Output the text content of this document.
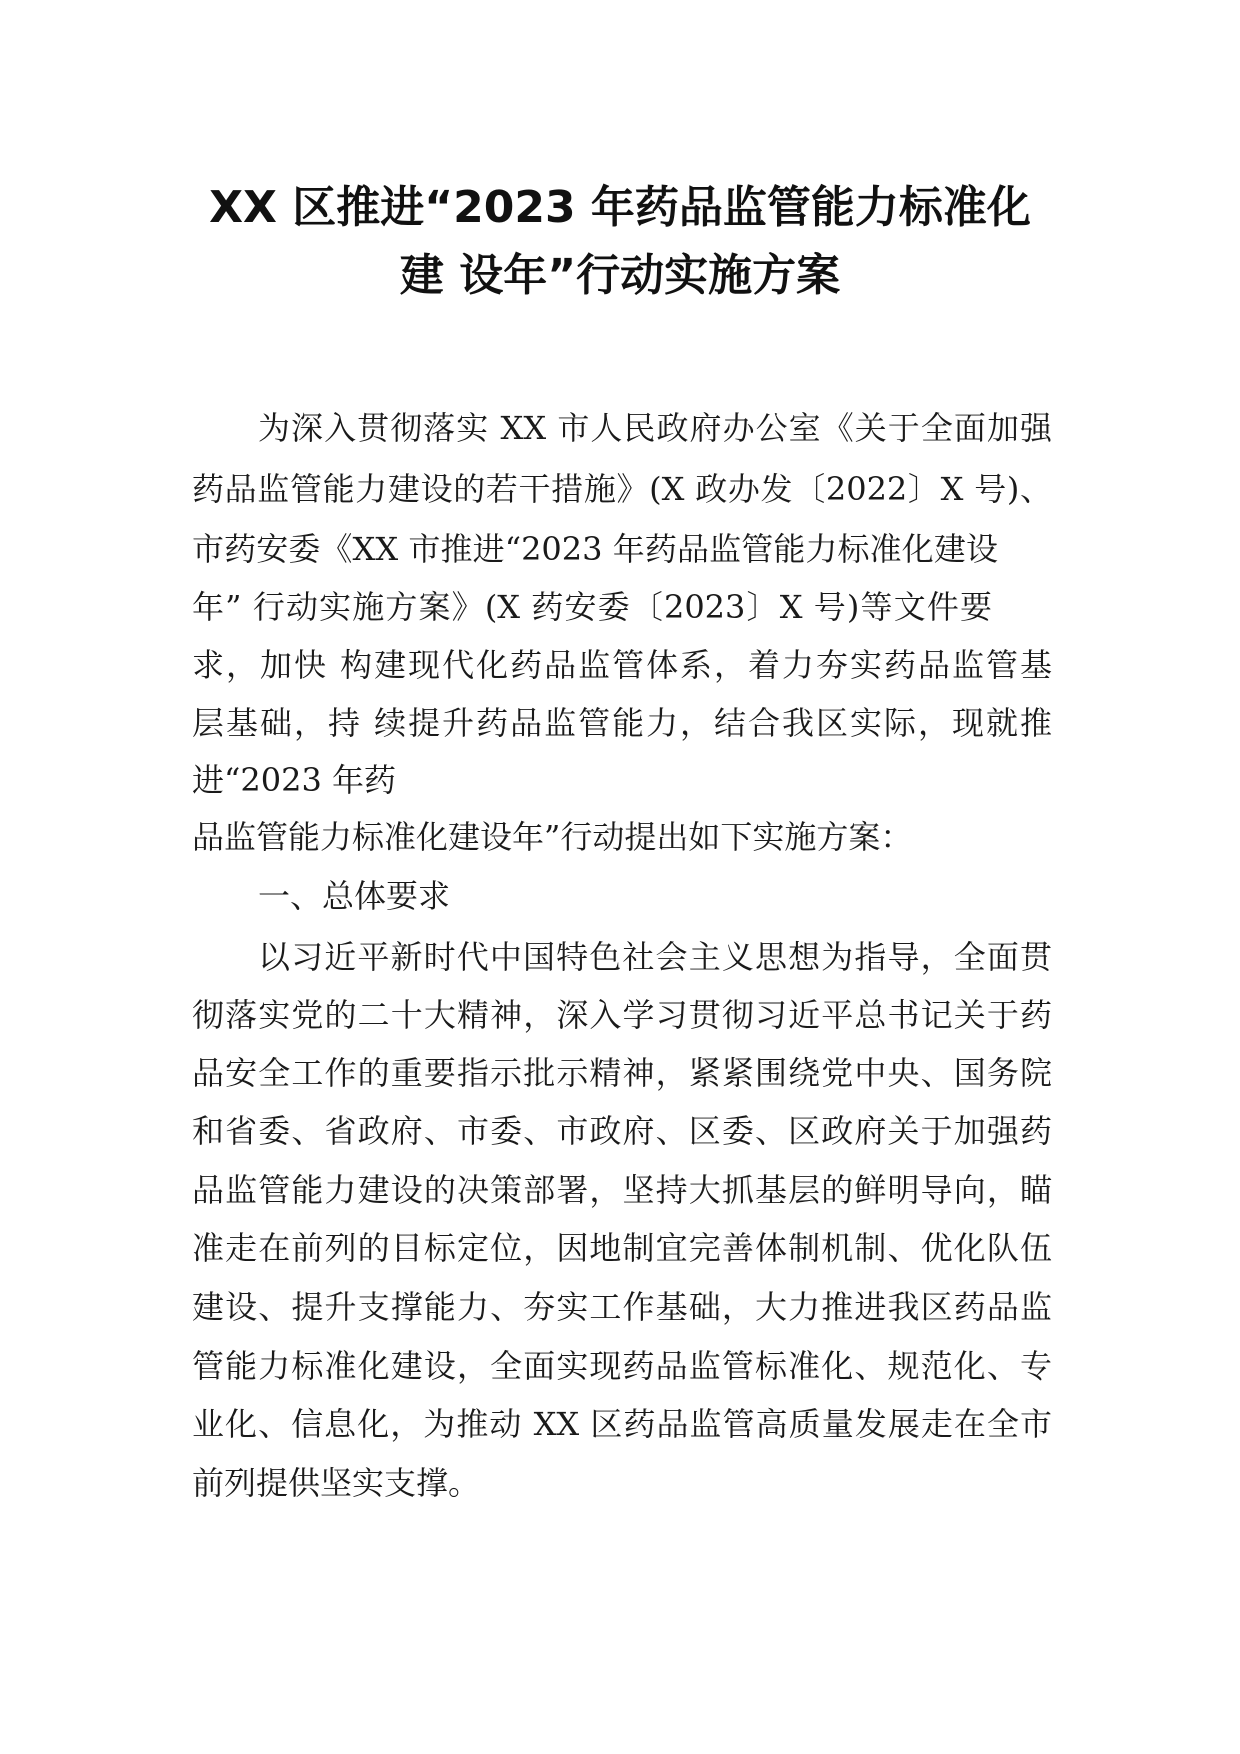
XX 区推进“2023 年药品监管能力标准化
建 设年”行动实施方案
为深入贯彻落实 XX 市人民政府办公室《关于全面加强
药品监管能力建设的若干措施》(X 政办发〔2022〕X 号)、
市药安委《XX 市推进“2023 年药品监管能力标准化建设
年” 行动实施方案》(X 药安委〔2023〕X 号)等文件要
求，加快 构建现代化药品监管体系，着力夯实药品监管基
层基础，持 续提升药品监管能力，结合我区实际，现就推
进“2023 年药
品监管能力标准化建设年”行动提出如下实施方案：
一、总体要求
以习近平新时代中国特色社会主义思想为指导，全面贯
彻落实党的二十大精神，深入学习贯彻习近平总书记关于药
品安全工作的重要指示批示精神，紧紧围绕党中央、国务院
和省委、省政府、市委、市政府、区委、区政府关于加强药
品监管能力建设的决策部署，坚持大抓基层的鲜明导向，瞄
准走在前列的目标定位，因地制宜完善体制机制、优化队伍
建设、提升支撑能力、夯实工作基础，大力推进我区药品监
管能力标准化建设，全面实现药品监管标准化、规范化、专
业化、信息化，为推动 XX 区药品监管高质量发展走在全市
前列提供坚实支撑。
